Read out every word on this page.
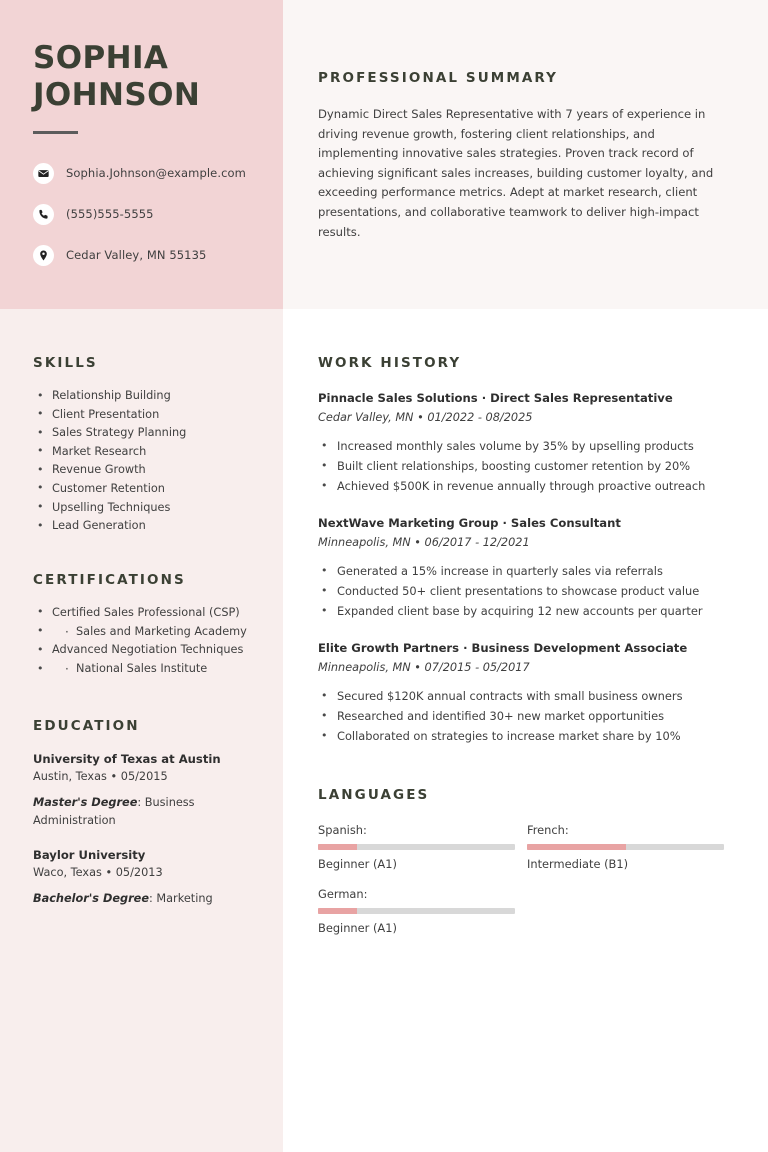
SOPHIA
JOHNSON
Sophia.Johnson@example.com
(555)555-5555
Cedar Valley, MN 55135
SKILLS
• Relationship Building
• Client Presentation
• Sales Strategy Planning
• Market Research
• Revenue Growth
• Customer Retention
• Upselling Techniques
• Lead Generation
CERTIFICATIONS
• Certified Sales Professional (CSP)
• · Sales and Marketing Academy
• Advanced Negotiation Techniques
• · National Sales Institute
EDUCATION
University of Texas at Austin
Austin, Texas • 05/2015
Master's Degree: Business Administration
Baylor University
Waco, Texas • 05/2013
Bachelor's Degree: Marketing
PROFESSIONAL SUMMARY
Dynamic Direct Sales Representative with 7 years of experience in driving revenue growth, fostering client relationships, and implementing innovative sales strategies. Proven track record of achieving significant sales increases, building customer loyalty, and exceeding performance metrics. Adept at market research, client presentations, and collaborative teamwork to deliver high-impact results.
WORK HISTORY
Pinnacle Sales Solutions · Direct Sales Representative
Cedar Valley, MN • 01/2022 - 08/2025
• Increased monthly sales volume by 35% by upselling products
• Built client relationships, boosting customer retention by 20%
• Achieved $500K in revenue annually through proactive outreach
NextWave Marketing Group · Sales Consultant
Minneapolis, MN • 06/2017 - 12/2021
• Generated a 15% increase in quarterly sales via referrals
• Conducted 50+ client presentations to showcase product value
• Expanded client base by acquiring 12 new accounts per quarter
Elite Growth Partners · Business Development Associate
Minneapolis, MN • 07/2015 - 05/2017
• Secured $120K annual contracts with small business owners
• Researched and identified 30+ new market opportunities
• Collaborated on strategies to increase market share by 10%
LANGUAGES
Spanish:
Beginner (A1)
French:
Intermediate (B1)
German:
Beginner (A1)
